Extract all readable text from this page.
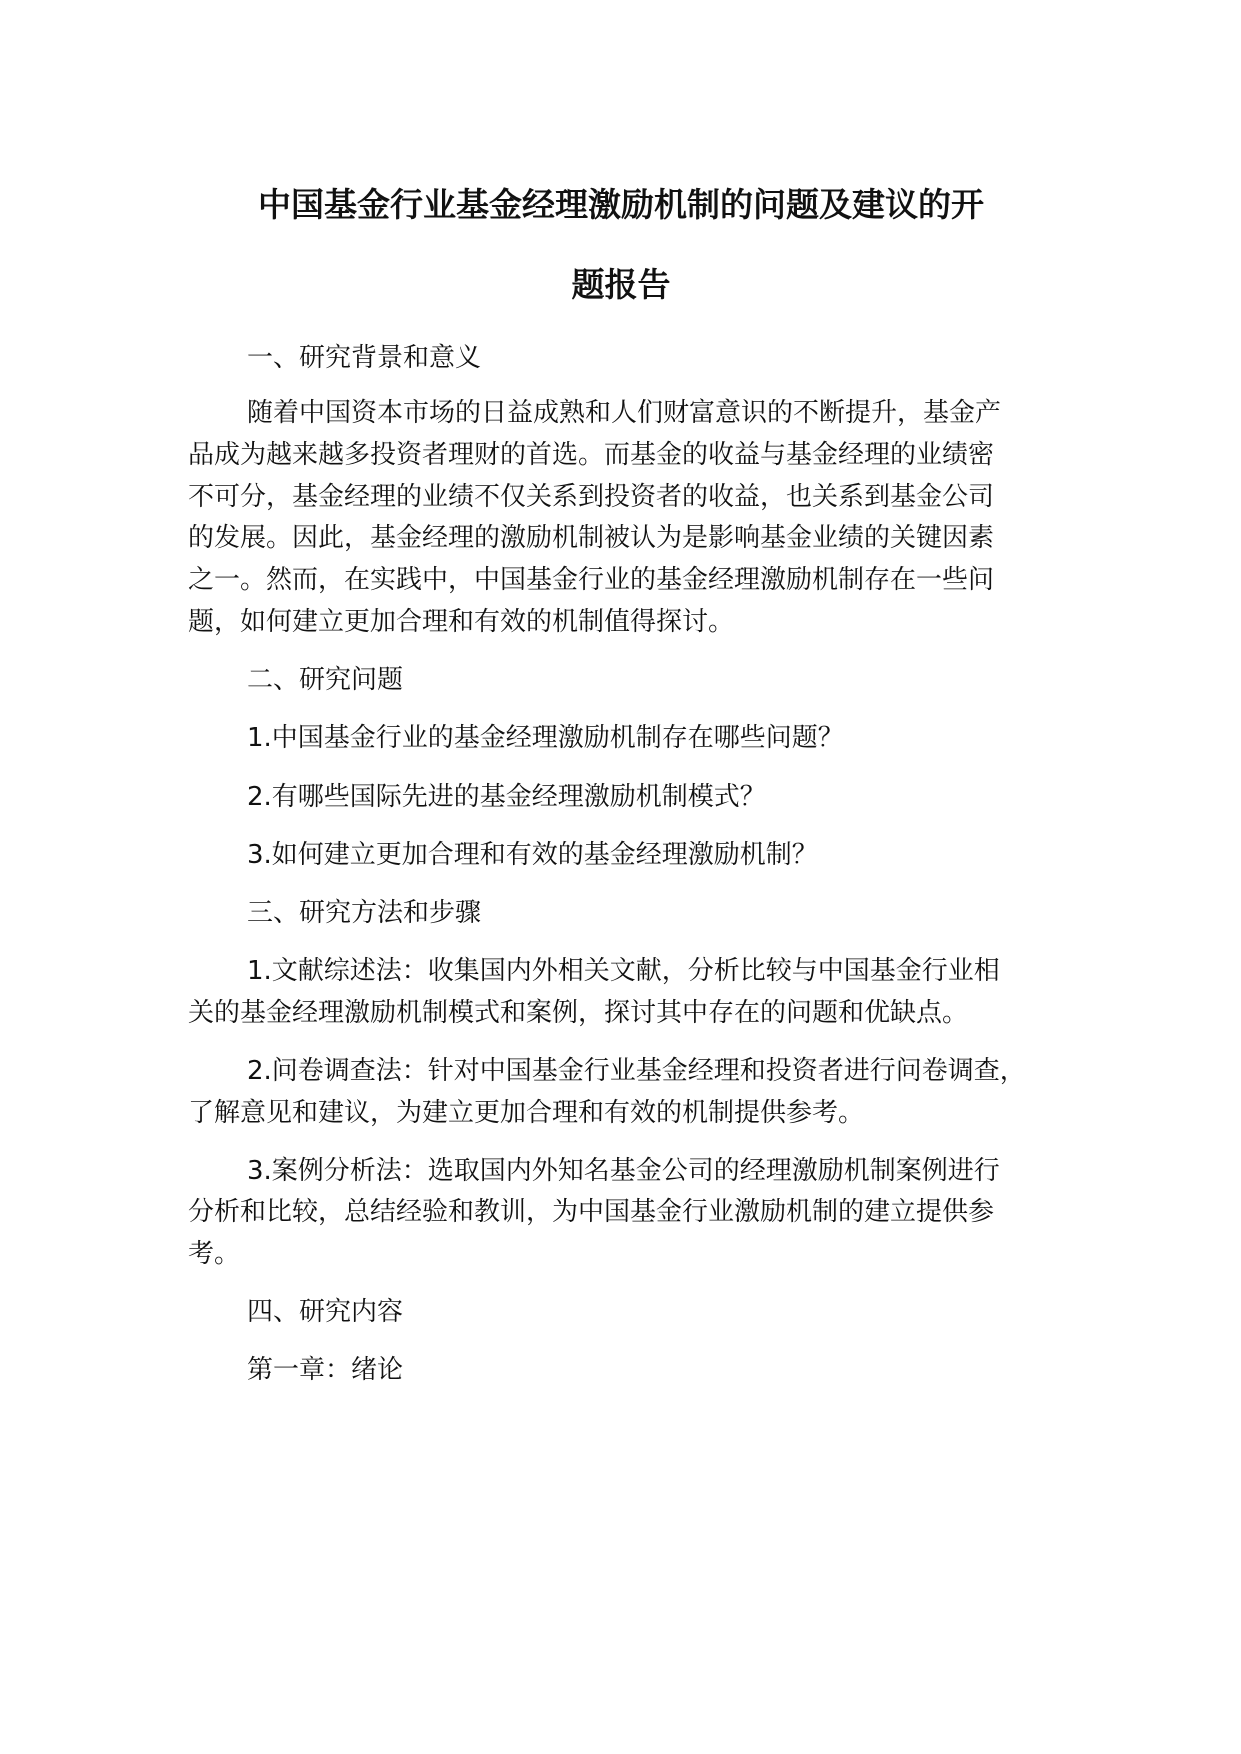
中国基金行业基金经理激励机制的问题及建议的开
题报告

一、研究背景和意义

随着中国资本市场的日益成熟和人们财富意识的不断提升，基金产

品成为越来越多投资者理财的首选。而基金的收益与基金经理的业绩密

不可分，基金经理的业绩不仅关系到投资者的收益，也关系到基金公司

的发展。因此，基金经理的激励机制被认为是影响基金业绩的关键因素

之一。然而，在实践中，中国基金行业的基金经理激励机制存在一些问

题，如何建立更加合理和有效的机制值得探讨。

二、研究问题

1.中国基金行业的基金经理激励机制存在哪些问题？

2.有哪些国际先进的基金经理激励机制模式？

3.如何建立更加合理和有效的基金经理激励机制？

三、研究方法和步骤

1.文献综述法：收集国内外相关文献，分析比较与中国基金行业相

关的基金经理激励机制模式和案例，探讨其中存在的问题和优缺点。

2.问卷调查法：针对中国基金行业基金经理和投资者进行问卷调查，

了解意见和建议，为建立更加合理和有效的机制提供参考。

3.案例分析法：选取国内外知名基金公司的经理激励机制案例进行

分析和比较，总结经验和教训，为中国基金行业激励机制的建立提供参

考。

四、研究内容

第一章：绪论
